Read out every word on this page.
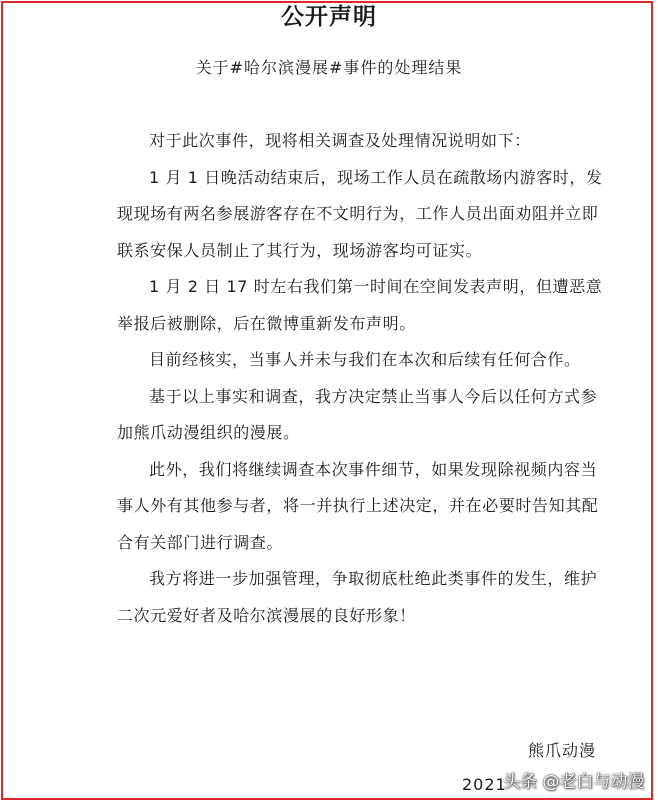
公开声明
关于#哈尔滨漫展#事件的处理结果

对于此次事件，现将相关调查及处理情况说明如下：

1 月 1 日晚活动结束后，现场工作人员在疏散场内游客时，发现现场有两名参展游客存在不文明行为，工作人员出面劝阻并立即联系安保人员制止了其行为，现场游客均可证实。

1 月 2 日 17 时左右我们第一时间在空间发表声明，但遭恶意举报后被删除，后在微博重新发布声明。

目前经核实，当事人并未与我们在本次和后续有任何合作。

基于以上事实和调查，我方决定禁止当事人今后以任何方式参加熊爪动漫组织的漫展。

此外，我们将继续调查本次事件细节，如果发现除视频内容当事人外有其他参与者，将一并执行上述决定，并在必要时告知其配合有关部门进行调查。

我方将进一步加强管理，争取彻底杜绝此类事件的发生，维护二次元爱好者及哈尔滨漫展的良好形象！

熊爪动漫
2021
头条 @老白与动漫
